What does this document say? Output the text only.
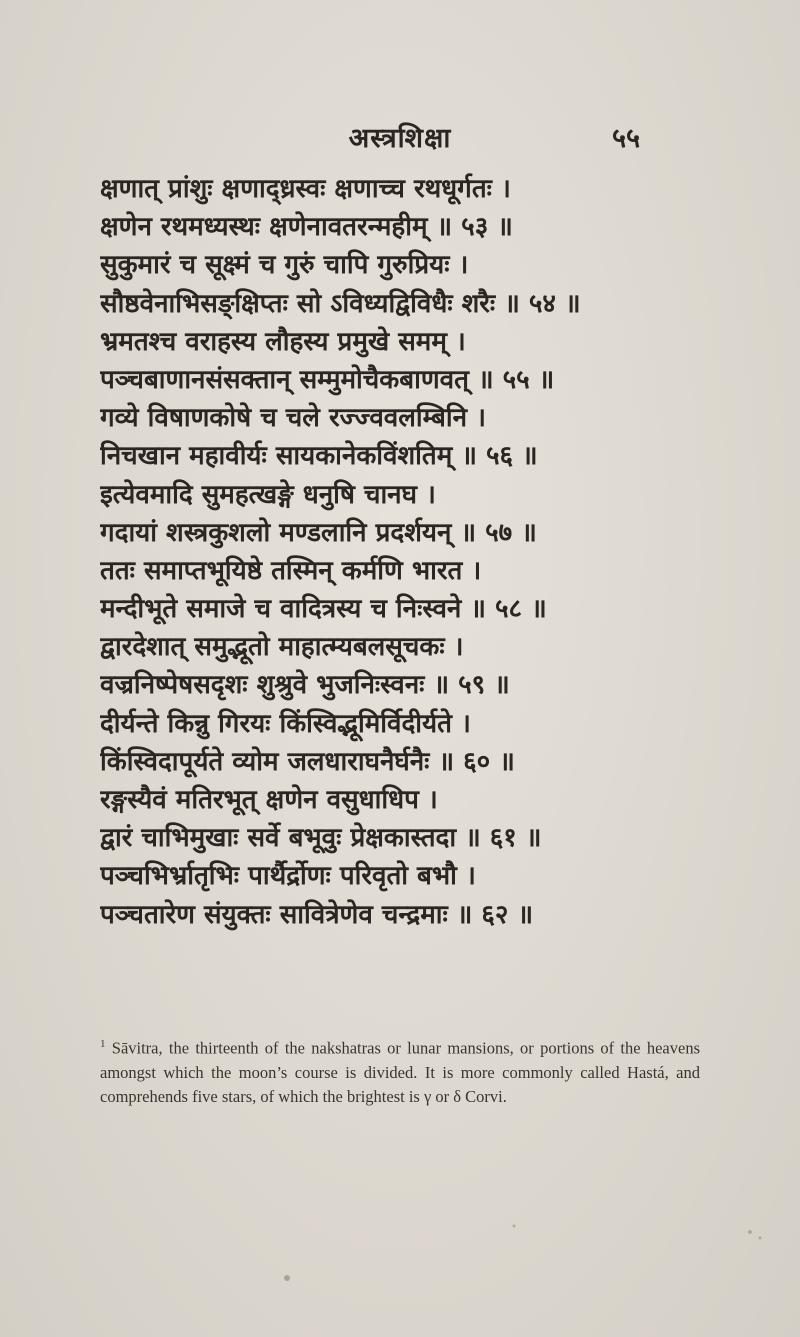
अस्त्रशिक्षा	५५
क्षणात् प्रांशुः क्षणाद्ध्रस्वः क्षणाच्च रथधूर्गतः ।
क्षणेन रथमध्यस्थः क्षणेनावतरन्महीम् ॥ ५३ ॥
सुकुमारं च सूक्ष्मं च गुरुं चापि गुरुप्रियः ।
सौष्ठवेनाभिसङ्क्षिप्तः सो ऽविध्यद्विविधैः शरैः ॥ ५४ ॥
भ्रमतश्च वराहस्य लौहस्य प्रमुखे समम् ।
पञ्चबाणानसंसक्तान् सम्मुमोचैकबाणवत् ॥ ५५ ॥
गव्ये विषाणकोषे च चले रज्ज्ववलम्बिनि ।
निचखान महावीर्यः सायकानेकविंशतिम् ॥ ५६ ॥
इत्येवमादि सुमहत्खङ्गे धनुषि चानघ ।
गदायां शस्त्रकुशलो मण्डलानि प्रदर्शयन् ॥ ५७ ॥
ततः समाप्तभूयिष्ठे तस्मिन् कर्मणि भारत ।
मन्दीभूते समाजे च वादित्रस्य च निःस्वने ॥ ५८ ॥
द्वारदेशात् समुद्भूतो माहात्म्यबलसूचकः ।
वज्रनिष्पेषसदृशः शुश्रुवे भुजनिःस्वनः ॥ ५९ ॥
दीर्यन्ते किन्नु गिरयः किंस्विद्भूमिर्विदीर्यते ।
किंस्विदापूर्यते व्योम जलधाराघनैर्घनैः ॥ ६० ॥
रङ्गस्यैवं मतिरभूत् क्षणेन वसुधाधिप ।
द्वारं चाभिमुखाः सर्वे बभूवुः प्रेक्षकास्तदा ॥ ६१ ॥
पञ्चभिर्भ्रातृभिः पार्थैर्द्रोणः परिवृतो बभौ ।
पञ्चतारेण संयुक्तः सावित्रेणेव चन्द्रमाः ॥ ६२ ॥
$^1$ Sāvitra, the thirteenth of the nakshatras or lunar mansions, or portions of the heavens amongst which the moon’s course is divided. It is more commonly called Hastá, and comprehends five stars, of which the brightest is γ or δ Corvi.
